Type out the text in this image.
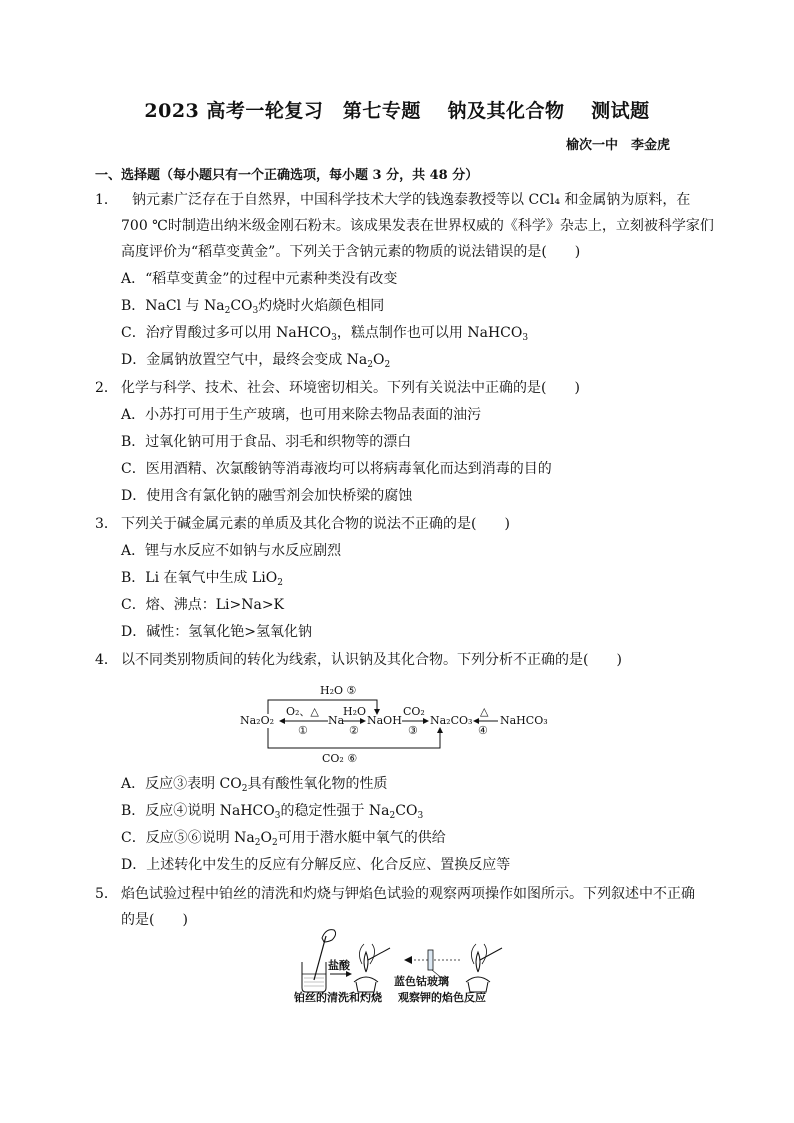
2023 高考一轮复习　第七专题　 钠及其化合物 　测试题
榆次一中　李金虎
一、选择题（每小题只有一个正确选项，每小题 3 分，共 48 分）
1． 钠元素广泛存在于自然界，中国科学技术大学的钱逸泰教授等以 CCl₄ 和金属钠为原料，在
700 ℃时制造出纳米级金刚石粉末。该成果发表在世界权威的《科学》杂志上，立刻被科学家们
高度评价为“稻草变黄金”。下列关于含钠元素的物质的说法错误的是(　　)
A．“稻草变黄金”的过程中元素种类没有改变
B．NaCl 与 $Na_2CO_3$灼烧时火焰颜色相同
C．治疗胃酸过多可以用 NaHCO$_3$，糕点制作也可以用 NaHCO$_3$
D．金属钠放置空气中，最终会变成 $Na_2O_2$
2． 化学与科学、技术、社会、环境密切相关。下列有关说法中正确的是(　　)
A．小苏打可用于生产玻璃，也可用来除去物品表面的油污
B．过氧化钠可用于食品、羽毛和织物等的漂白
C．医用酒精、次氯酸钠等消毒液均可以将病毒氧化而达到消毒的目的
D．使用含有氯化钠的融雪剂会加快桥梁的腐蚀
3． 下列关于碱金属元素的单质及其化合物的说法不正确的是(　　)
A．锂与水反应不如钠与水反应剧烈
B．Li 在氧气中生成 LiO$_2$
C．熔、沸点：Li>Na>K
D．碱性：氢氧化铯>氢氧化钠
4． 以不同类别物质间的转化为线索，认识钠及其化合物。下列分析不正确的是(　　)
H₂O ⑤
Na₂O₂
O₂、△
①
Na
H₂O
②
NaOH
CO₂
③
Na₂CO₃
△
④
NaHCO₃
CO₂ ⑥
A．反应③表明 $CO_2$具有酸性氧化物的性质
B．反应④说明 NaHCO$_3$的稳定性强于 $Na_2CO_3$
C．反应⑤⑥说明 $Na_2O_2$可用于潜水艇中氧气的供给
D．上述转化中发生的反应有分解反应、化合反应、置换反应等
5． 焰色试验过程中铂丝的清洗和灼烧与钾焰色试验的观察两项操作如图所示。下列叙述中不正确
的是(　　)
盐酸
蓝色钴玻璃
铂丝的清洗和灼烧 观察钾的焰色反应
